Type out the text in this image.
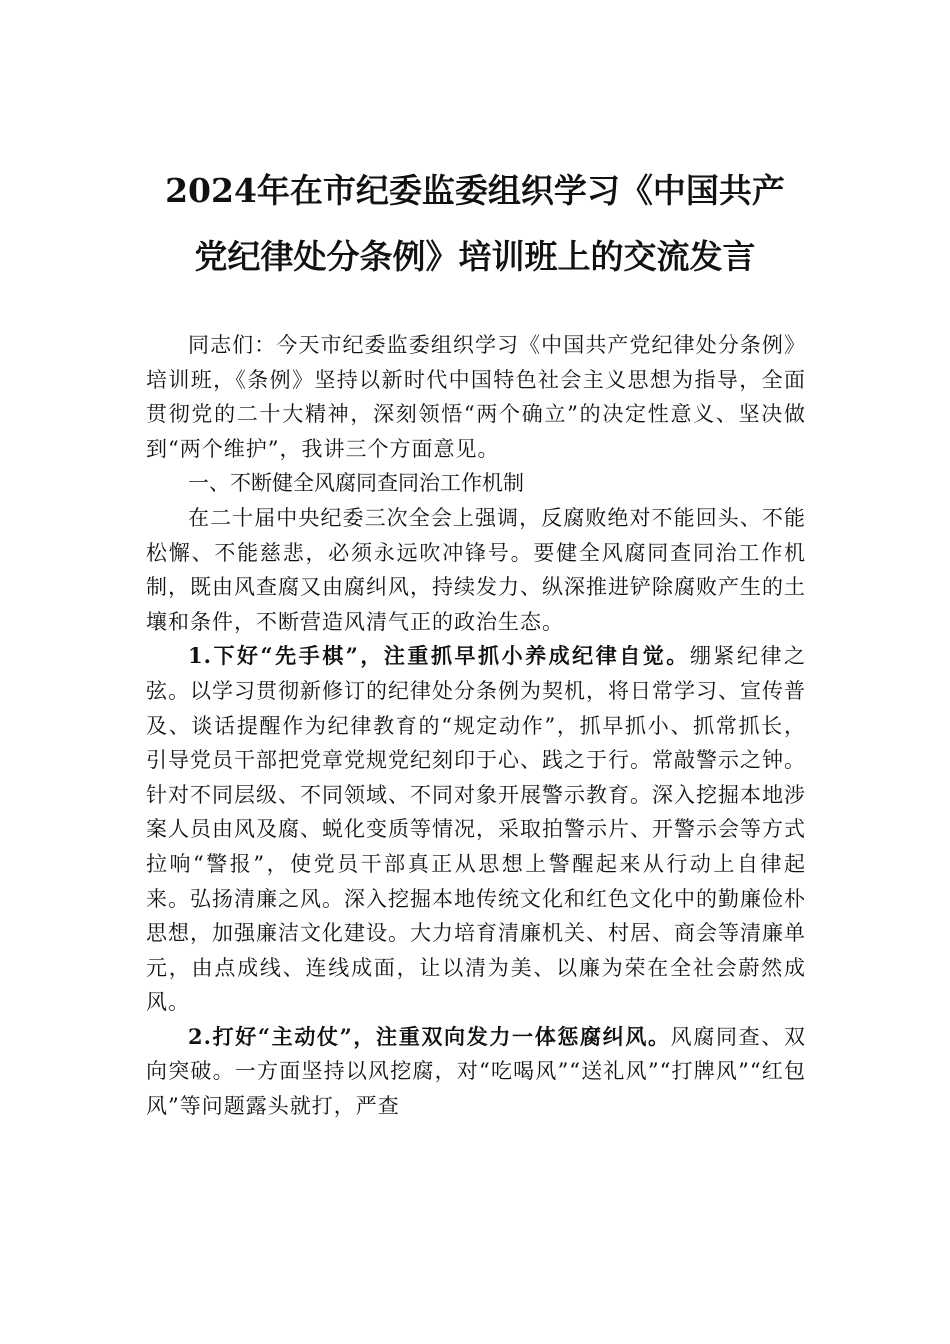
2024年在市纪委监委组织学习《中国共产
党纪律处分条例》培训班上的交流发言

同志们：今天市纪委监委组织学习《中国共产党纪律处分条例》培训班，《条例》坚持以新时代中国特色社会主义思想为指导，全面贯彻党的二十大精神，深刻领悟“两个确立”的决定性意义、坚决做到“两个维护”，我讲三个方面意见。

一、不断健全风腐同查同治工作机制

在二十届中央纪委三次全会上强调，反腐败绝对不能回头、不能松懈、不能慈悲，必须永远吹冲锋号。要健全风腐同查同治工作机制，既由风查腐又由腐纠风，持续发力、纵深推进铲除腐败产生的土壤和条件，不断营造风清气正的政治生态。

1.下好“先手棋”，注重抓早抓小养成纪律自觉。绷紧纪律之弦。以学习贯彻新修订的纪律处分条例为契机，将日常学习、宣传普及、谈话提醒作为纪律教育的“规定动作”，抓早抓小、抓常抓长，引导党员干部把党章党规党纪刻印于心、践之于行。常敲警示之钟。针对不同层级、不同领域、不同对象开展警示教育。深入挖掘本地涉案人员由风及腐、蜕化变质等情况，采取拍警示片、开警示会等方式拉响“警报”，使党员干部真正从思想上警醒起来从行动上自律起来。弘扬清廉之风。深入挖掘本地传统文化和红色文化中的勤廉俭朴思想，加强廉洁文化建设。大力培育清廉机关、村居、商会等清廉单元，由点成线、连线成面，让以清为美、以廉为荣在全社会蔚然成风。

2.打好“主动仗”，注重双向发力一体惩腐纠风。风腐同查、双向突破。一方面坚持以风挖腐，对“吃喝风”“送礼风”“打牌风”“红包风”等问题露头就打，严查
